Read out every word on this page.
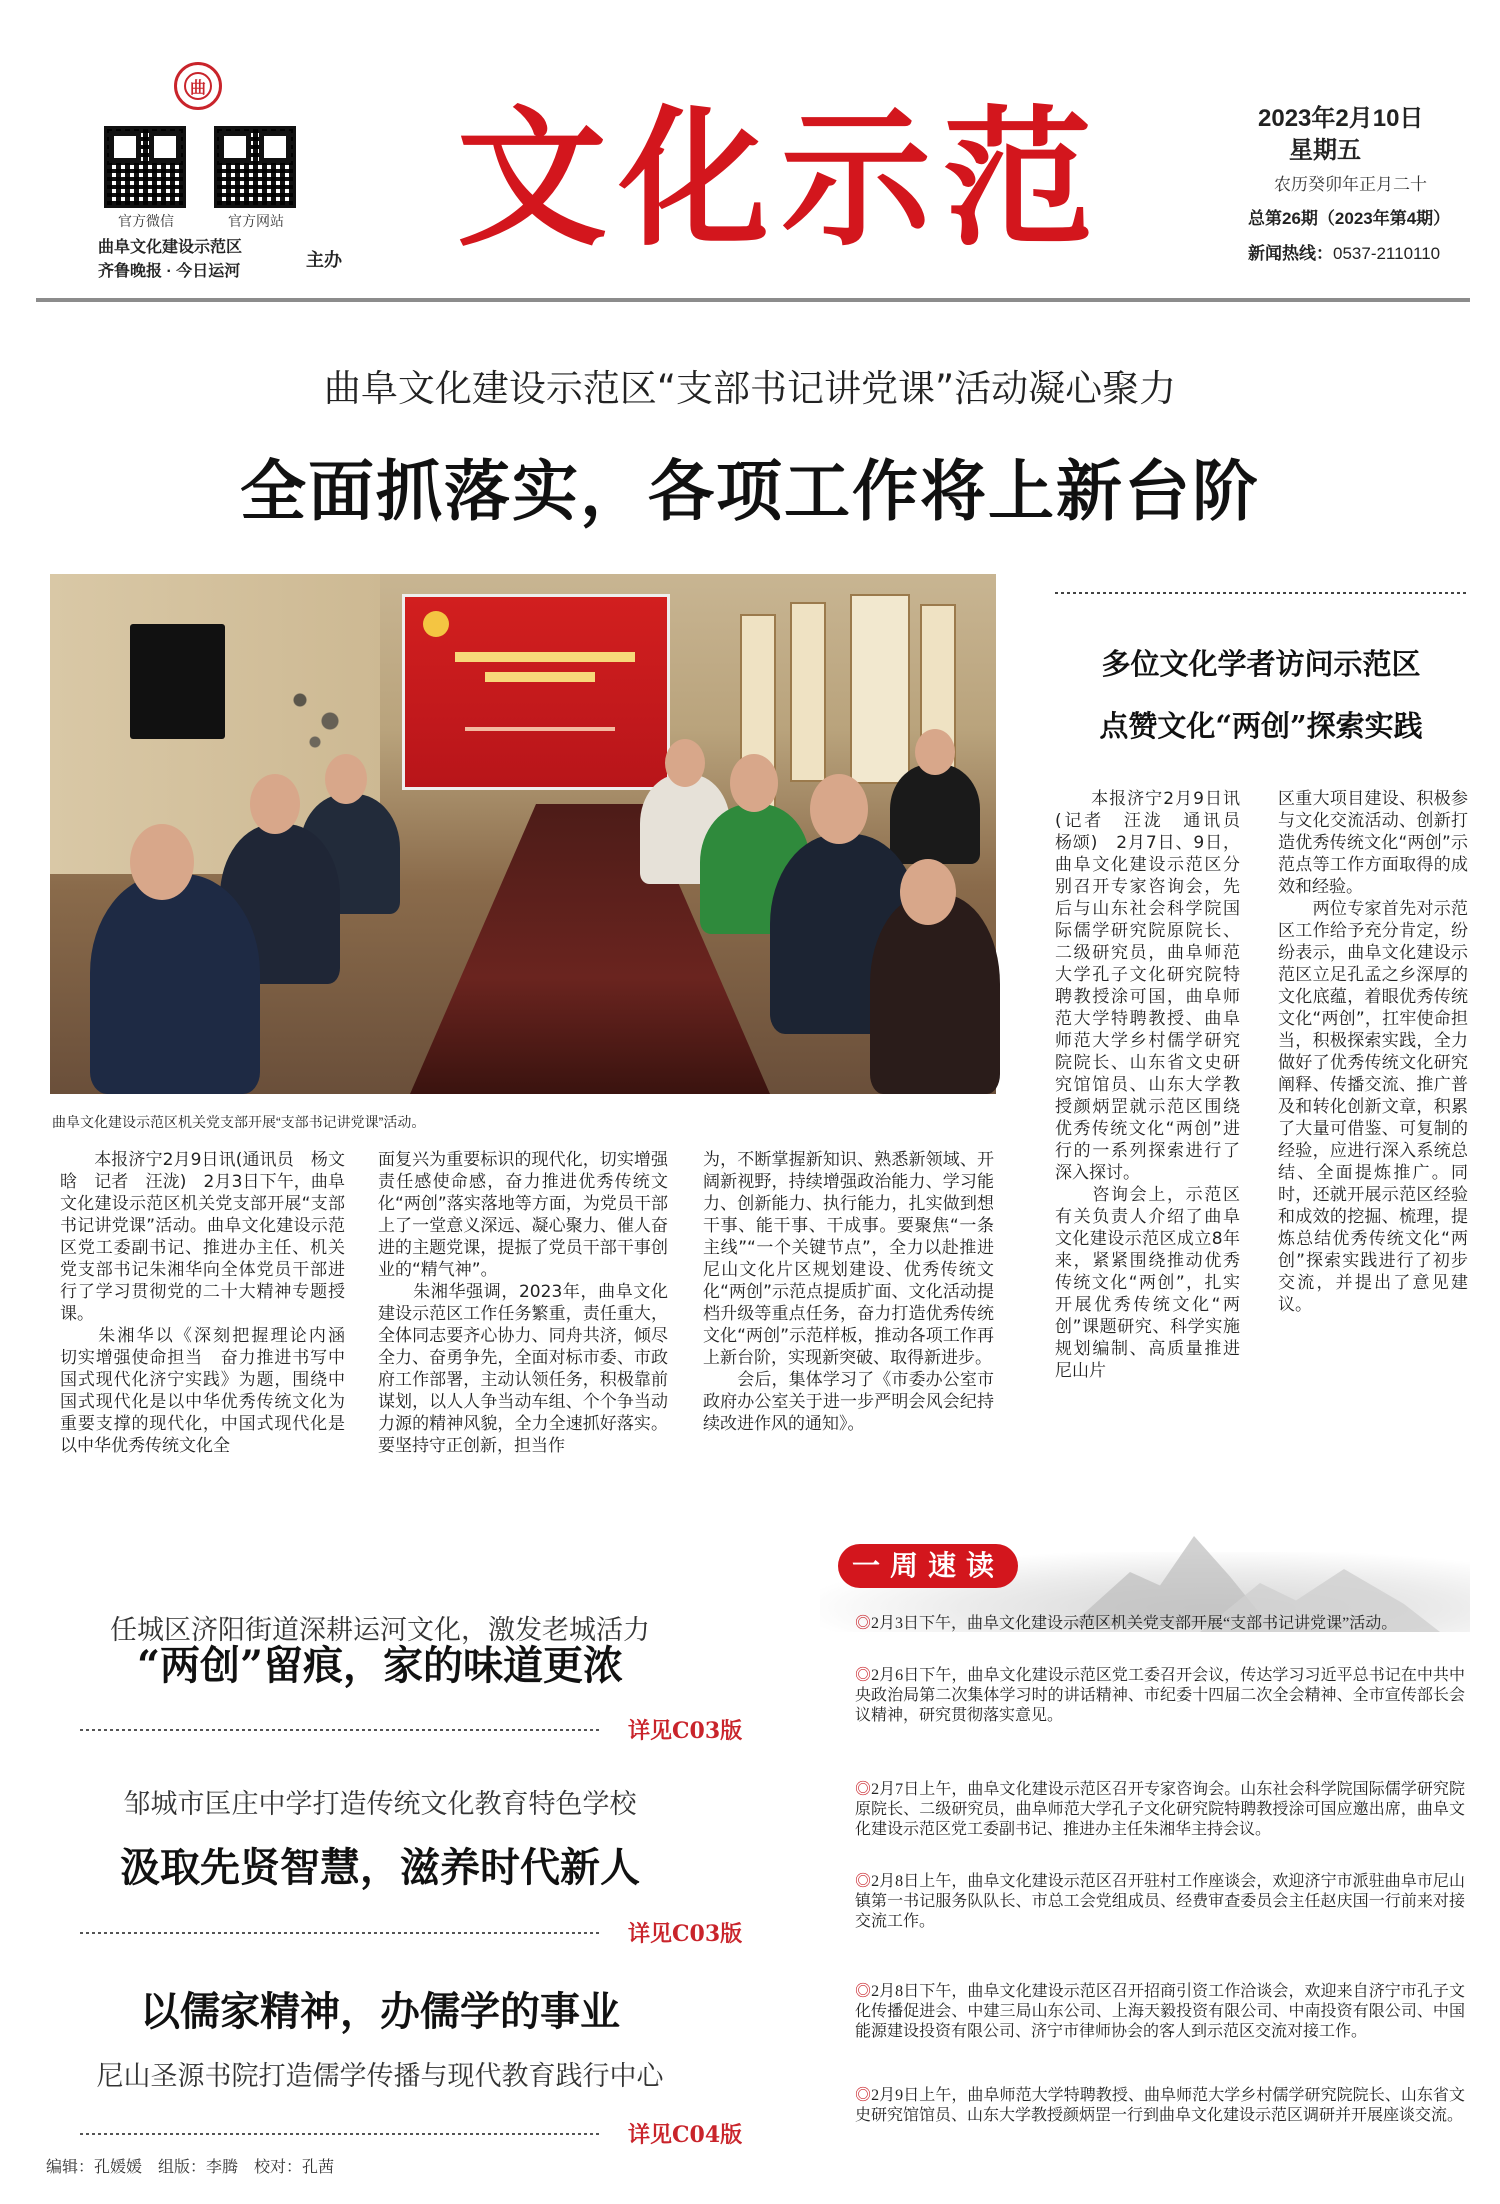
曲
官方微信	官方网站
曲阜文化建设示范区
齐鲁晚报 · 今日运河
主办 文化示范	2023年2月10日
星期五
农历癸卯年正月二十
总第26期（2023年第4期）
新闻热线：0537-2110110
曲阜文化建设示范区“支部书记讲党课”活动凝心聚力
全面抓落实，各项工作将上新台阶
曲阜文化建设示范区机关党支部开展“支部书记讲党课”活动。
　　本报济宁2月9日讯(通讯员　杨文晗　记者　汪泷)　2月3日下午，曲阜文化建设示范区机关党支部开展“支部书记讲党课”活动。曲阜文化建设示范区党工委副书记、推进办主任、机关党支部书记朱湘华向全体党员干部进行了学习贯彻党的二十大精神专题授课。
　　朱湘华以《深刻把握理论内涵　切实增强使命担当　奋力推进书写中国式现代化济宁实践》为题，围绕中国式现代化是以中华优秀传统文化为重要支撑的现代化，中国式现代化是以中华优秀传统文化全
面复兴为重要标识的现代化，切实增强责任感使命感，奋力推进优秀传统文化“两创”落实落地等方面，为党员干部上了一堂意义深远、凝心聚力、催人奋进的主题党课，提振了党员干部干事创业的“精气神”。
　　朱湘华强调，2023年，曲阜文化建设示范区工作任务繁重，责任重大，全体同志要齐心协力、同舟共济，倾尽全力、奋勇争先，全面对标市委、市政府工作部署，主动认领任务，积极靠前谋划，以人人争当动车组、个个争当动力源的精神风貌，全力全速抓好落实。要坚持守正创新，担当作
为，不断掌握新知识、熟悉新领域、开阔新视野，持续增强政治能力、学习能力、创新能力、执行能力，扎实做到想干事、能干事、干成事。要聚焦“一条主线”“一个关键节点”，全力以赴推进尼山文化片区规划建设、优秀传统文化“两创”示范点提质扩面、文化活动提档升级等重点任务，奋力打造优秀传统文化“两创”示范样板，推动各项工作再上新台阶，实现新突破、取得新进步。
　　会后，集体学习了《市委办公室市政府办公室关于进一步严明会风会纪持续改进作风的通知》。
多位文化学者访问示范区
点赞文化“两创”探索实践
　　本报济宁2月9日讯(记者　汪泷　通讯员　杨颂)　2月7日、9日，曲阜文化建设示范区分别召开专家咨询会，先后与山东社会科学院国际儒学研究院原院长、二级研究员，曲阜师范大学孔子文化研究院特聘教授涂可国，曲阜师范大学特聘教授、曲阜师范大学乡村儒学研究院院长、山东省文史研究馆馆员、山东大学教授颜炳罡就示范区围绕优秀传统文化“两创”进行的一系列探索进行了深入探讨。
　　咨询会上，示范区有关负责人介绍了曲阜文化建设示范区成立8年来，紧紧围绕推动优秀传统文化“两创”，扎实开展优秀传统文化“两创”课题研究、科学实施规划编制、高质量推进尼山片
区重大项目建设、积极参与文化交流活动、创新打造优秀传统文化“两创”示范点等工作方面取得的成效和经验。
　　两位专家首先对示范区工作给予充分肯定，纷纷表示，曲阜文化建设示范区立足孔孟之乡深厚的文化底蕴，着眼优秀传统文化“两创”，扛牢使命担当，积极探索实践，全力做好了优秀传统文化研究阐释、传播交流、推广普及和转化创新文章，积累了大量可借鉴、可复制的经验，应进行深入系统总结、全面提炼推广。同时，还就开展示范区经验和成效的挖掘、梳理，提炼总结优秀传统文化“两创”探索实践进行了初步交流，并提出了意见建议。
任城区济阳街道深耕运河文化，激发老城活力
“两创”留痕，家的味道更浓
详见C03版
邹城市匡庄中学打造传统文化教育特色学校
汲取先贤智慧，滋养时代新人
详见C03版
以儒家精神，办儒学的事业
尼山圣源书院打造儒学传播与现代教育践行中心
详见C04版
一周速读
◎2月3日下午，曲阜文化建设示范区机关党支部开展“支部书记讲党课”活动。
◎2月6日下午，曲阜文化建设示范区党工委召开会议，传达学习习近平总书记在中共中央政治局第二次集体学习时的讲话精神、市纪委十四届二次全会精神、全市宣传部长会议精神，研究贯彻落实意见。
◎2月7日上午，曲阜文化建设示范区召开专家咨询会。山东社会科学院国际儒学研究院原院长、二级研究员，曲阜师范大学孔子文化研究院特聘教授涂可国应邀出席，曲阜文化建设示范区党工委副书记、推进办主任朱湘华主持会议。
◎2月8日上午，曲阜文化建设示范区召开驻村工作座谈会，欢迎济宁市派驻曲阜市尼山镇第一书记服务队队长、市总工会党组成员、经费审查委员会主任赵庆国一行前来对接交流工作。
◎2月8日下午，曲阜文化建设示范区召开招商引资工作洽谈会，欢迎来自济宁市孔子文化传播促进会、中建三局山东公司、上海天毅投资有限公司、中南投资有限公司、中国能源建设投资有限公司、济宁市律师协会的客人到示范区交流对接工作。
◎2月9日上午，曲阜师范大学特聘教授、曲阜师范大学乡村儒学研究院院长、山东省文史研究馆馆员、山东大学教授颜炳罡一行到曲阜文化建设示范区调研并开展座谈交流。
编辑：孔媛媛　组版：李腾　校对：孔茜
